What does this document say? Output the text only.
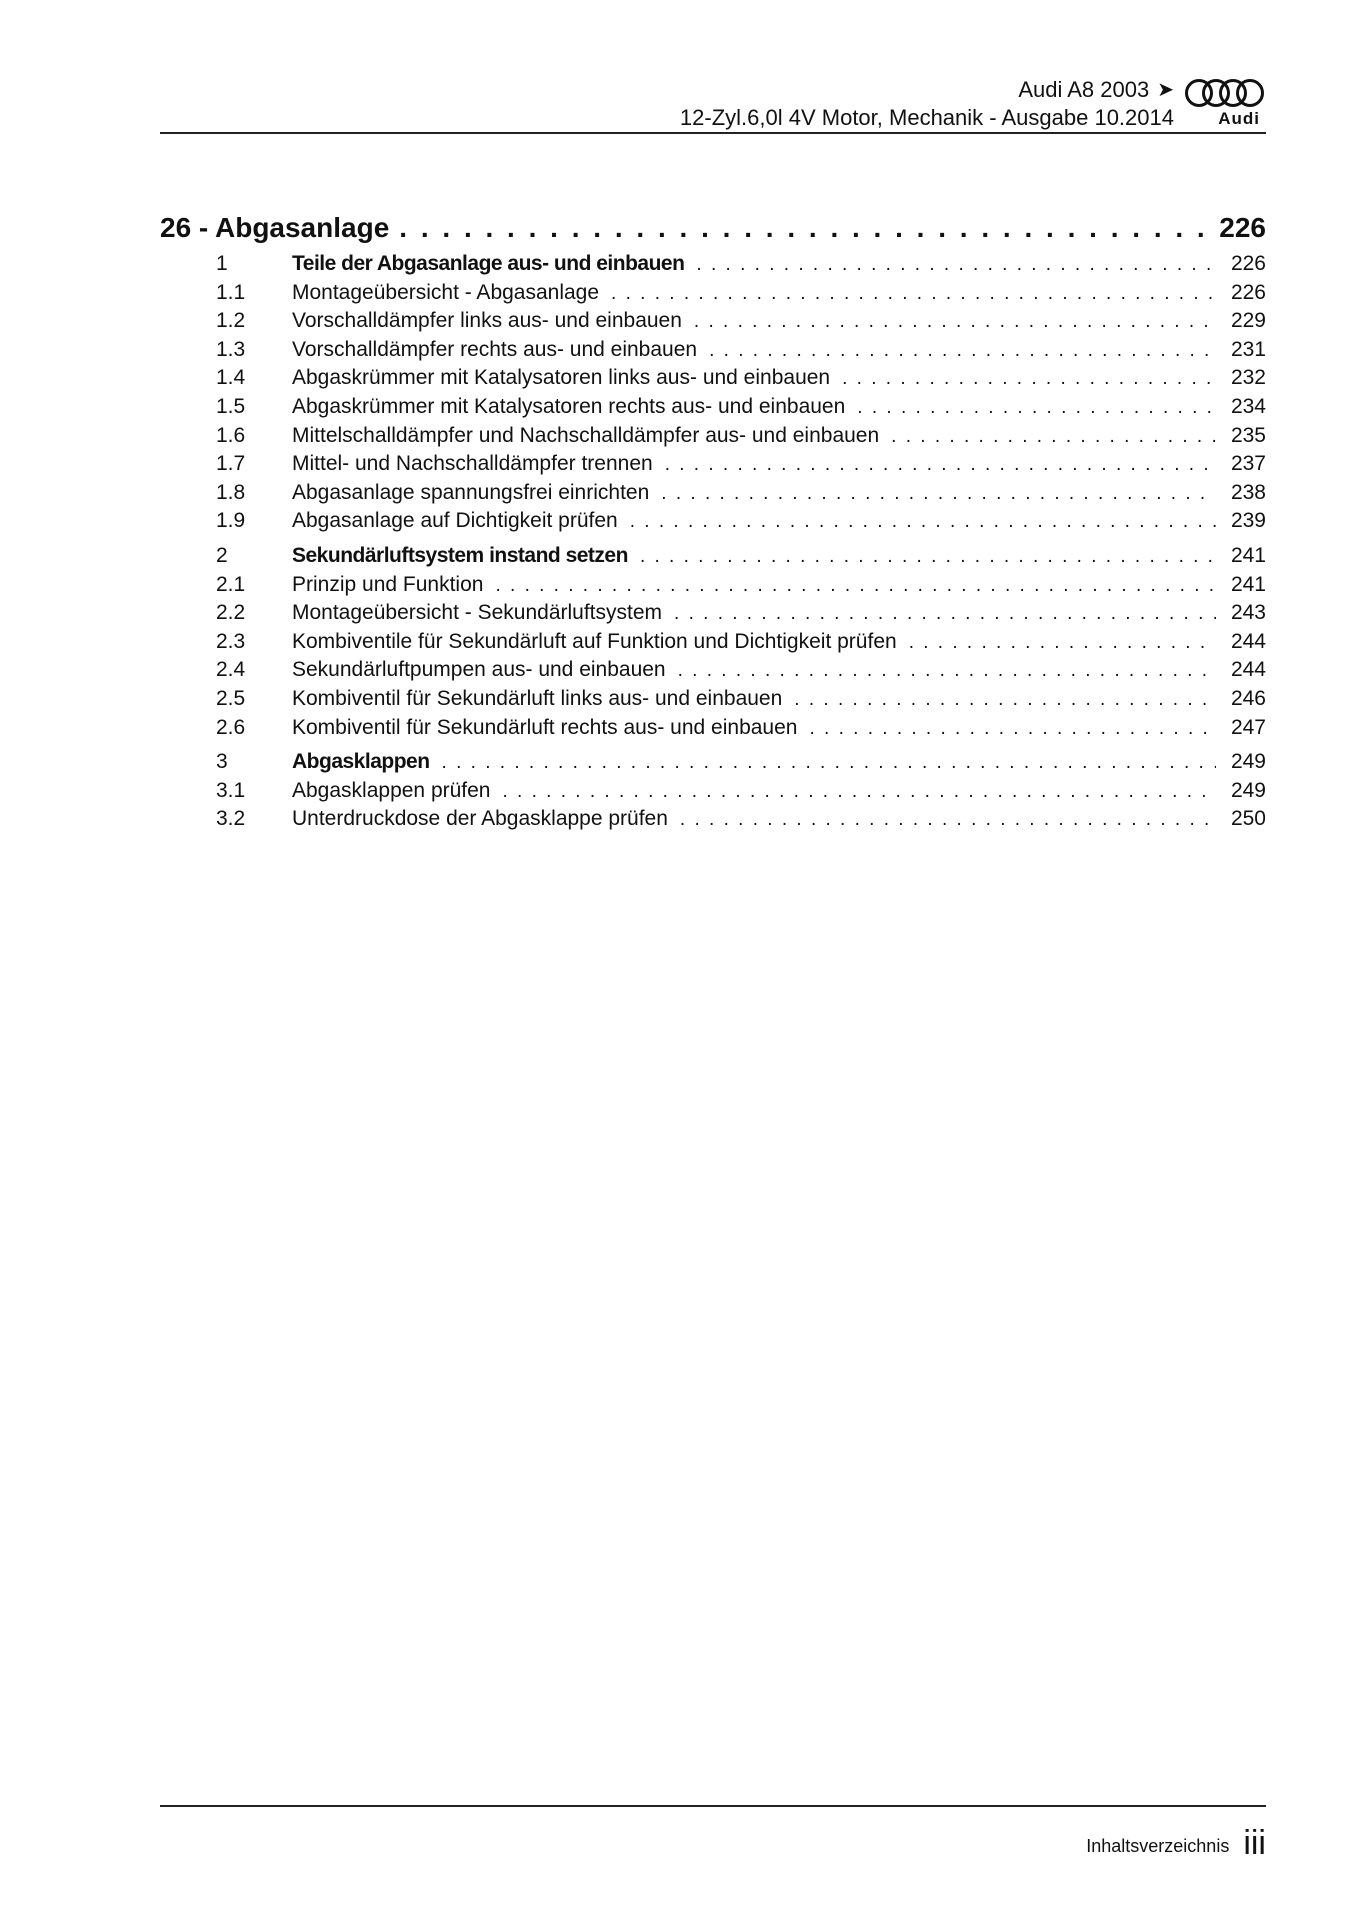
Audi A8 2003 ➤
12-Zyl.6,0l 4V Motor, Mechanik - Ausgabe 10.2014	Audi
26 - Abgasanlage . . .	226
1	Teile der Abgasanlage aus- und einbauen . . .	226
1.1	Montageübersicht - Abgasanlage . . .	226
1.2	Vorschalldämpfer links aus- und einbauen . . .	229
1.3	Vorschalldämpfer rechts aus- und einbauen . . .	231
1.4	Abgaskrümmer mit Katalysatoren links aus- und einbauen . . .	232
1.5	Abgaskrümmer mit Katalysatoren rechts aus- und einbauen . . .	234
1.6	Mittelschalldämpfer und Nachschalldämpfer aus- und einbauen . . .	235
1.7	Mittel- und Nachschalldämpfer trennen . . .	237
1.8	Abgasanlage spannungsfrei einrichten . . .	238
1.9	Abgasanlage auf Dichtigkeit prüfen . . .	239
2	Sekundärluftsystem instand setzen . . .	241
2.1	Prinzip und Funktion . . .	241
2.2	Montageübersicht - Sekundärluftsystem . . .	243
2.3	Kombiventile für Sekundärluft auf Funktion und Dichtigkeit prüfen . . .	244
2.4	Sekundärluftpumpen aus- und einbauen . . .	244
2.5	Kombiventil für Sekundärluft links aus- und einbauen . . .	246
2.6	Kombiventil für Sekundärluft rechts aus- und einbauen . . .	247
3	Abgasklappen . . .	249
3.1	Abgasklappen prüfen . . .	249
3.2	Unterdruckdose der Abgasklappe prüfen . . .	250
Inhaltsverzeichnis iii
